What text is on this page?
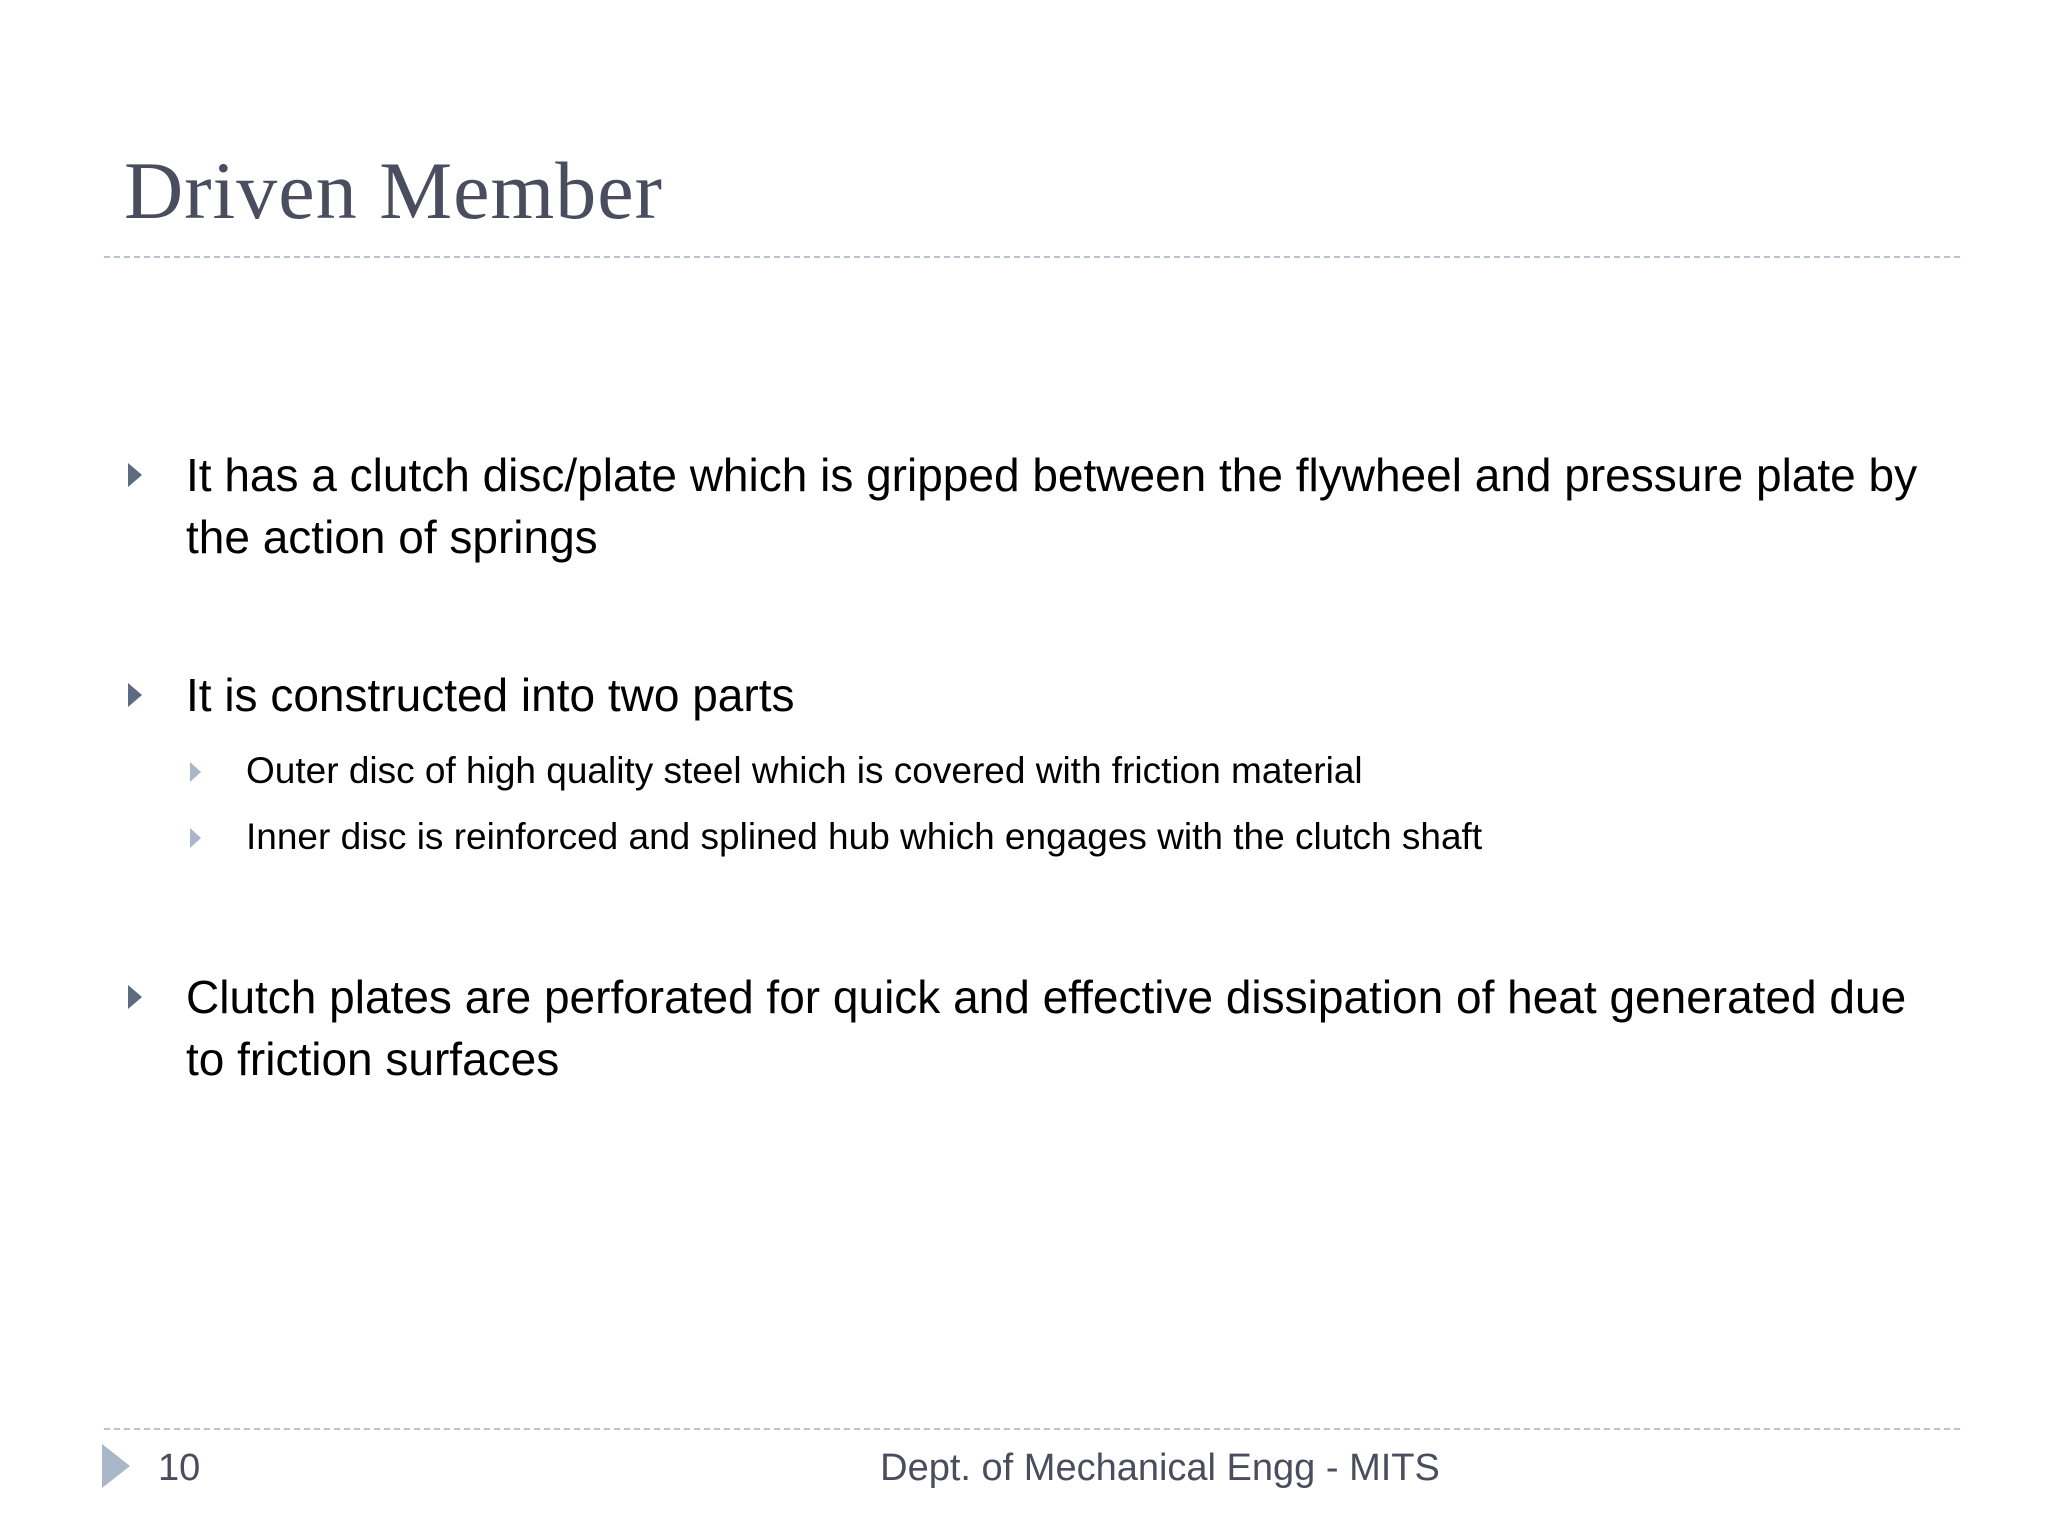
Driven Member
It has a clutch disc/plate which is gripped between the flywheel and pressure plate by the action of springs
It is constructed into two parts
Outer disc of high quality steel which is covered with friction material
Inner disc is reinforced and splined hub which engages with the clutch shaft
Clutch plates are perforated for quick and effective dissipation of heat generated due to friction surfaces
10	Dept. of Mechanical Engg - MITS
